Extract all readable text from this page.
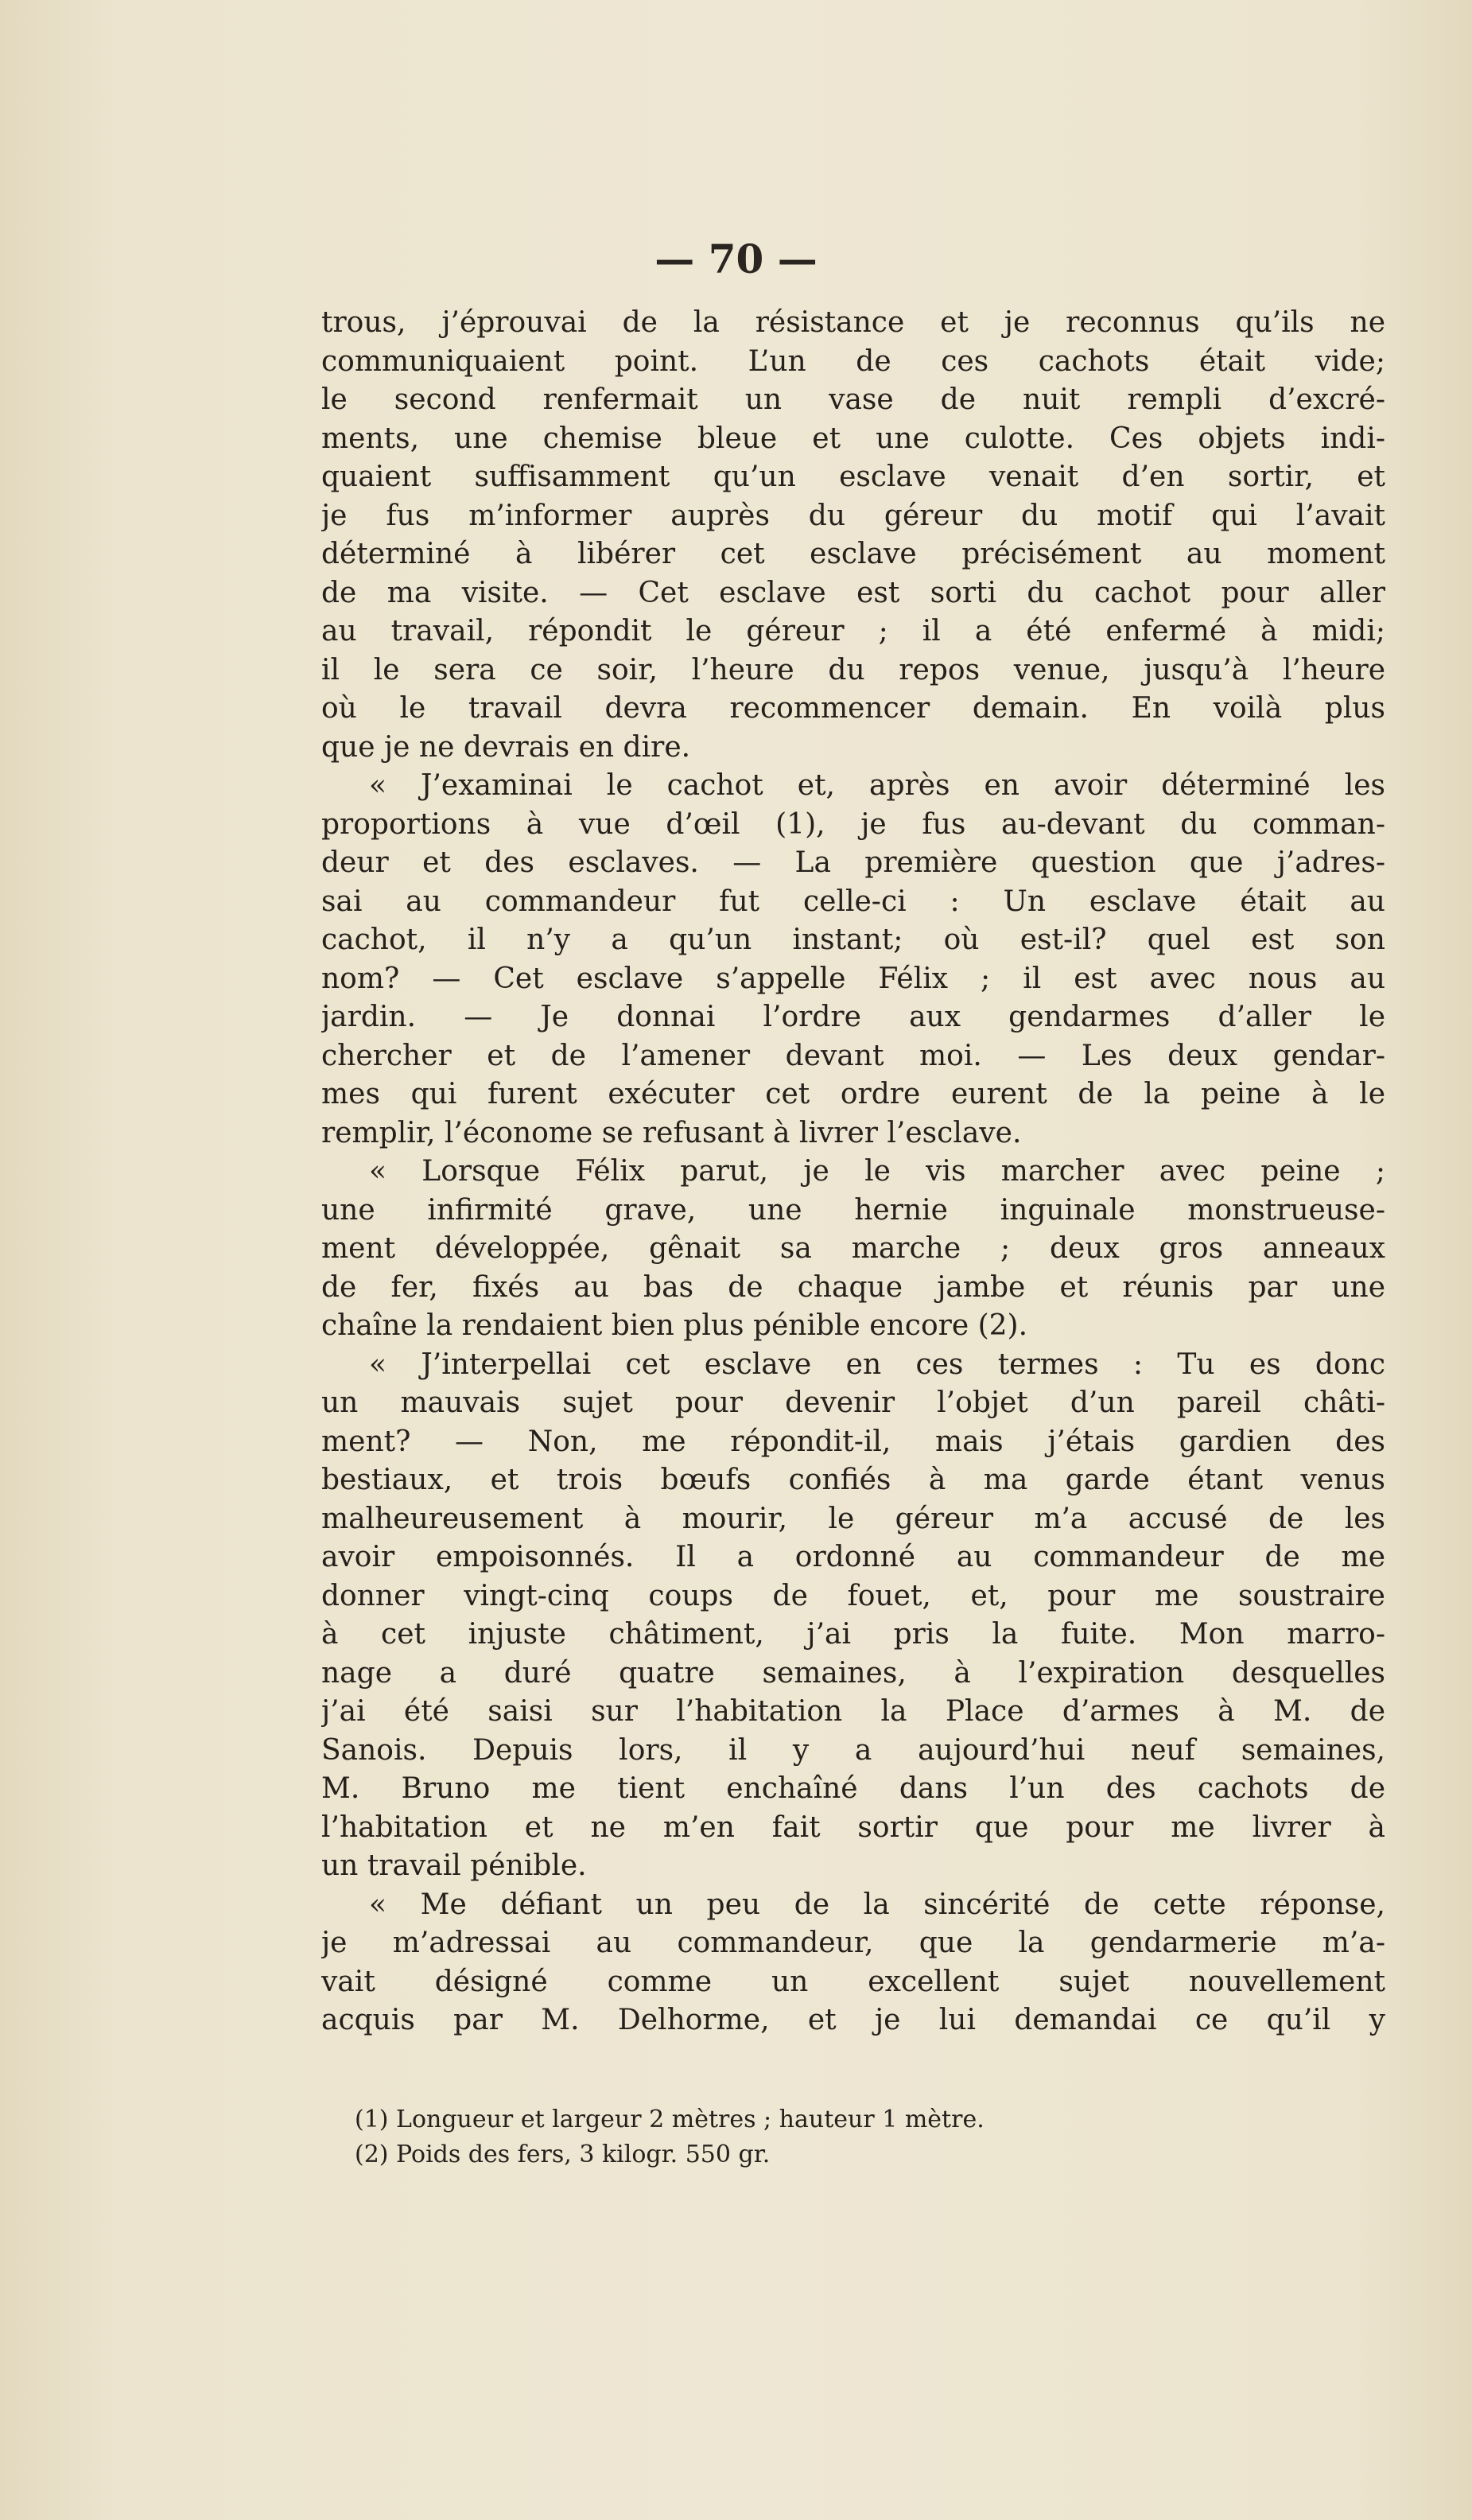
— 70 —
trous, j’éprouvai de la résistance et je reconnus qu’ils ne
communiquaient point. L’un de ces cachots était vide;
le second renfermait un vase de nuit rempli d’excré-
ments, une chemise bleue et une culotte. Ces objets indi-
quaient suffisamment qu’un esclave venait d’en sortir, et
je fus m’informer auprès du géreur du motif qui l’avait
déterminé à libérer cet esclave précisément au moment
de ma visite. — Cet esclave est sorti du cachot pour aller
au travail, répondit le géreur ; il a été enfermé à midi;
il le sera ce soir, l’heure du repos venue, jusqu’à l’heure
où le travail devra recommencer demain. En voilà plus
que je ne devrais en dire.
« J’examinai le cachot et, après en avoir déterminé les
proportions à vue d’œil (1), je fus au-devant du comman-
deur et des esclaves. — La première question que j’adres-
sai au commandeur fut celle-ci : Un esclave était au
cachot, il n’y a qu’un instant; où est-il? quel est son
nom? — Cet esclave s’appelle Félix ; il est avec nous au
jardin. — Je donnai l’ordre aux gendarmes d’aller le
chercher et de l’amener devant moi. — Les deux gendar-
mes qui furent exécuter cet ordre eurent de la peine à le
remplir, l’économe se refusant à livrer l’esclave.
« Lorsque Félix parut, je le vis marcher avec peine ;
une infirmité grave, une hernie inguinale monstrueuse-
ment développée, gênait sa marche ; deux gros anneaux
de fer, fixés au bas de chaque jambe et réunis par une
chaîne la rendaient bien plus pénible encore (2).
« J’interpellai cet esclave en ces termes : Tu es donc
un mauvais sujet pour devenir l’objet d’un pareil châti-
ment? — Non, me répondit-il, mais j’étais gardien des
bestiaux, et trois bœufs confiés à ma garde étant venus
malheureusement à mourir, le géreur m’a accusé de les
avoir empoisonnés. Il a ordonné au commandeur de me
donner vingt-cinq coups de fouet, et, pour me soustraire
à cet injuste châtiment, j’ai pris la fuite. Mon marro-
nage a duré quatre semaines, à l’expiration desquelles
j’ai été saisi sur l’habitation la Place d’armes à M. de
Sanois. Depuis lors, il y a aujourd’hui neuf semaines,
M. Bruno me tient enchaîné dans l’un des cachots de
l’habitation et ne m’en fait sortir que pour me livrer à
un travail pénible.
« Me défiant un peu de la sincérité de cette réponse,
je m’adressai au commandeur, que la gendarmerie m’a-
vait désigné comme un excellent sujet nouvellement
acquis par M. Delhorme, et je lui demandai ce qu’il y
(1) Longueur et largeur 2 mètres ; hauteur 1 mètre.
(2) Poids des fers, 3 kilogr. 550 gr.
